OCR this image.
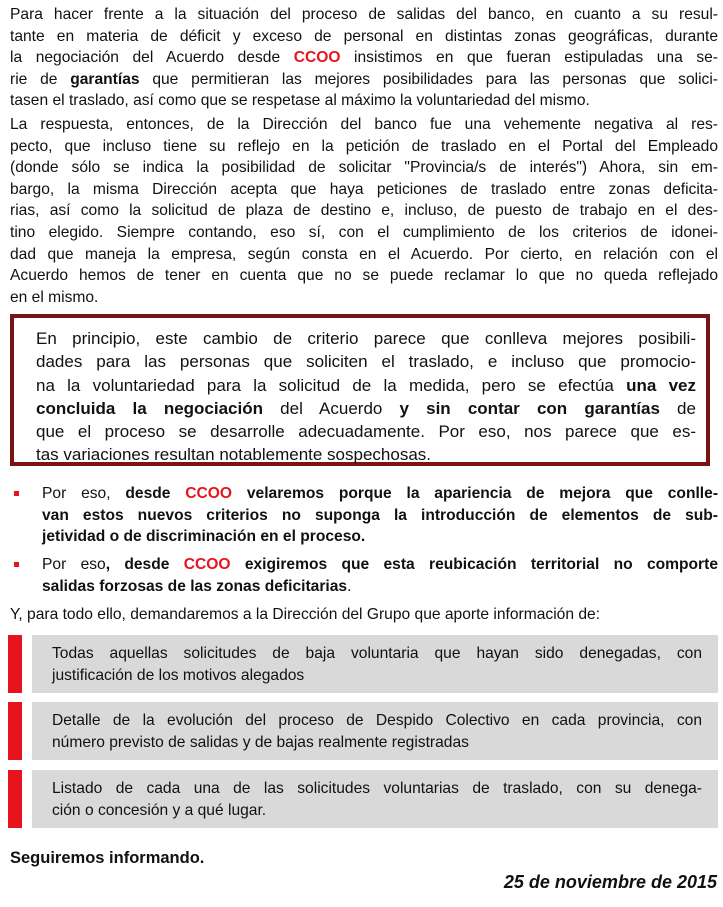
Para hacer frente a la situación del proceso de salidas del banco, en cuanto a su resul-
tante en materia de déficit y exceso de personal en distintas zonas geográficas, durante
la negociación del Acuerdo desde CCOO insistimos en que fueran estipuladas una se-
rie de garantías que permitieran las mejores posibilidades para las personas que solici-
tasen el traslado, así como que se respetase al máximo la voluntariedad del mismo.

La respuesta, entonces, de la Dirección del banco fue una vehemente negativa al res-
pecto, que incluso tiene su reflejo en la petición de traslado en el Portal del Empleado
(donde sólo se indica la posibilidad de solicitar "Provincia/s de interés") Ahora, sin em-
bargo, la misma Dirección acepta que haya peticiones de traslado entre zonas deficita-
rias, así como la solicitud de plaza de destino e, incluso, de puesto de trabajo en el des-
tino elegido. Siempre contando, eso sí, con el cumplimiento de los criterios de idonei-
dad que maneja la empresa, según consta en el Acuerdo. Por cierto, en relación con el
Acuerdo hemos de tener en cuenta que no se puede reclamar lo que no queda reflejado
en el mismo.

En principio, este cambio de criterio parece que conlleva mejores posibili-
dades para las personas que soliciten el traslado, e incluso que promocio-
na la voluntariedad para la solicitud de la medida, pero se efectúa una vez
concluida la negociación del Acuerdo y sin contar con garantías de
que el proceso se desarrolle adecuadamente. Por eso, nos parece que es-
tas variaciones resultan notablemente sospechosas.
Por eso, desde CCOO velaremos porque la apariencia de mejora que conlle-
van estos nuevos criterios no suponga la introducción de elementos de sub-
jetividad o de discriminación en el proceso.
Por eso, desde CCOO exigiremos que esta reubicación territorial no comporte
salidas forzosas de las zonas deficitarias.

Y, para todo ello, demandaremos a la Dirección del Grupo que aporte información de:

Todas aquellas solicitudes de baja voluntaria que hayan sido denegadas, con
justificación de los motivos alegados
Detalle de la evolución del proceso de Despido Colectivo en cada provincia, con
número previsto de salidas y de bajas realmente registradas
Listado de cada una de las solicitudes voluntarias de traslado, con su denega-
ción o concesión y a qué lugar.
Seguiremos informando.
25 de noviembre de 2015
